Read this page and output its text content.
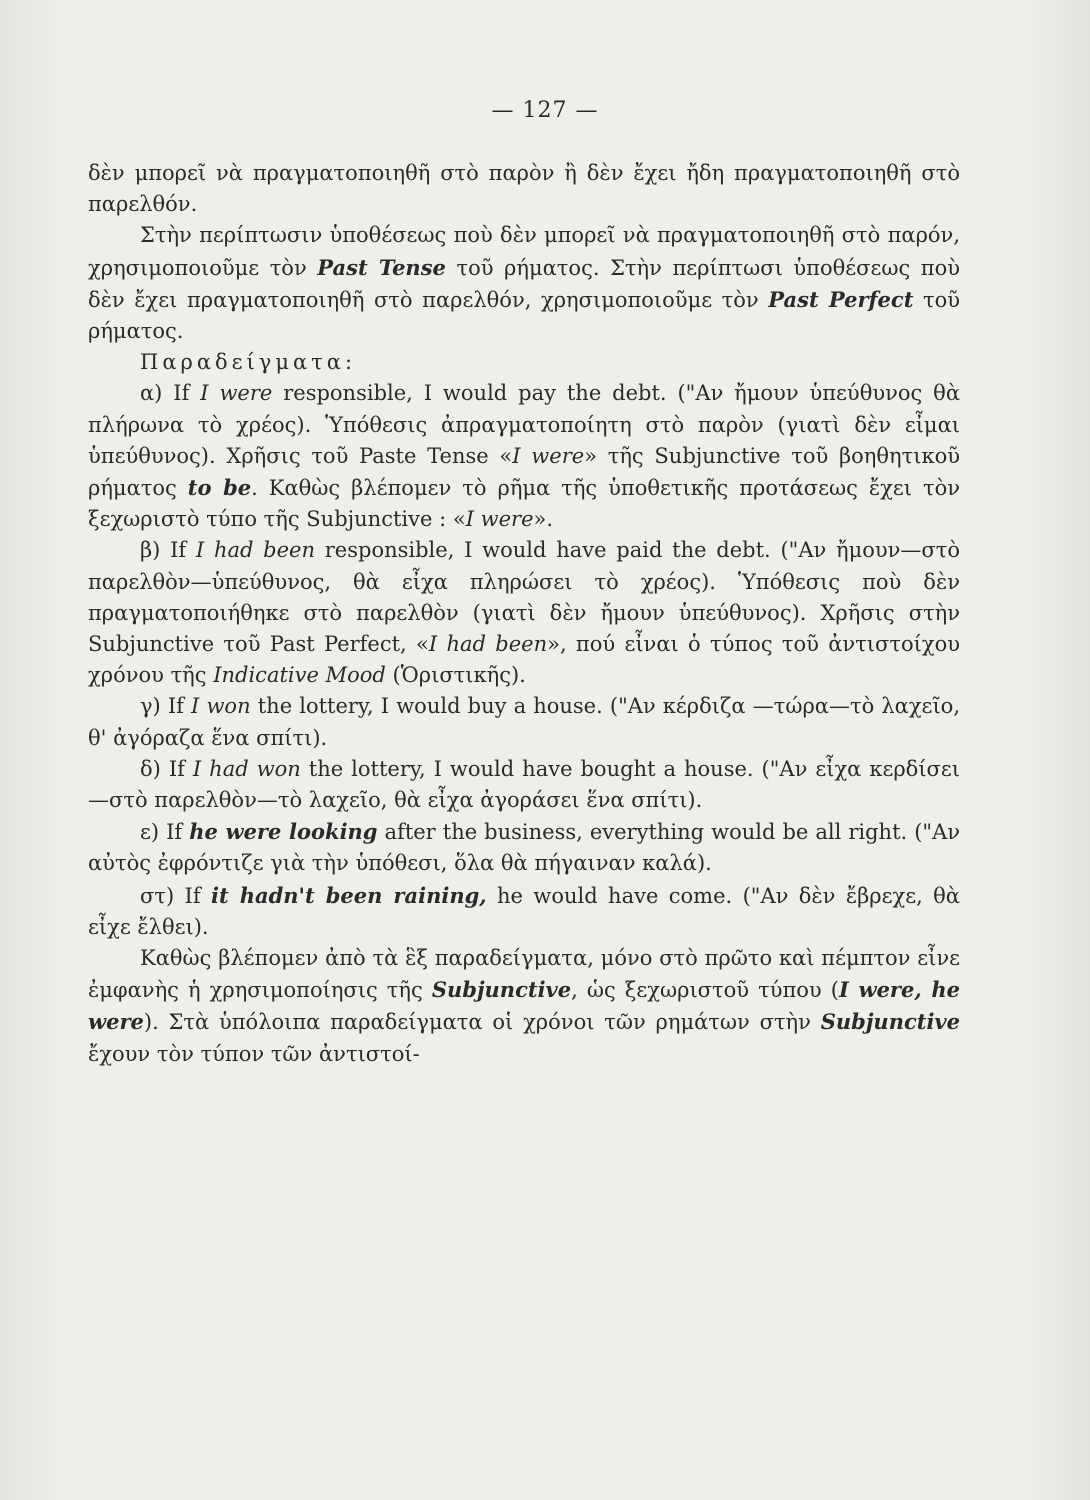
— 127 —

δὲν μπορεῖ νὰ πραγματοποιηθῆ στὸ παρὸν ἢ δὲν ἔχει ἤδη πραγματοποιηθῆ στὸ παρελθόν.

Στὴν περίπτωσιν ὑποθέσεως ποὺ δὲν μπορεῖ νὰ πραγματοποιηθῆ στὸ παρόν, χρησιμοποιοῦμε τὸν Past Tense τοῦ ρήματος. Στὴν περίπτωσι ὑποθέσεως ποὺ δὲν ἔχει πραγματοποιηθῆ στὸ παρελθόν, χρησιμοποιοῦμε τὸν Past Perfect τοῦ ρήματος.

Παραδείγματα:

α) If I were responsible, I would pay the debt. ("Αν ἤμουν ὑπεύθυνος θὰ πλήρωνα τὸ χρέος). Ὑπόθεσις ἀπραγματοποίητη στὸ παρὸν (γιατὶ δὲν εἶμαι ὑπεύθυνος). Χρῆσις τοῦ Paste Tense «I were» τῆς Subjunctive τοῦ βοηθητικοῦ ρήματος to be. Καθὼς βλέπομεν τὸ ρῆμα τῆς ὑποθετικῆς προτάσεως ἔχει τὸν ξεχωριστὸ τύπο τῆς Subjunctive : «I were».

β) If I had been responsible, I would have paid the debt. ("Αν ἤμουν—στὸ παρελθὸν—ὑπεύθυνος, θὰ εἶχα πληρώσει τὸ χρέος). Ὑπόθεσις ποὺ δὲν πραγματοποιήθηκε στὸ παρελθὸν (γιατὶ δὲν ἤμουν ὑπεύθυνος). Χρῆσις στὴν Subjunctive τοῦ Past Perfect, «I had been», πού εἶναι ὁ τύπος τοῦ ἀντιστοίχου χρόνου τῆς Indicative Mood (Ὁριστικῆς).

γ) If I won the lottery, I would buy a house. ("Αν κέρδιζα —τώρα—τὸ λαχεῖο, θ' ἀγόραζα ἕνα σπίτι).

δ) If I had won the lottery, I would have bought a house. ("Αν εἶχα κερδίσει—στὸ παρελθὸν—τὸ λαχεῖο, θὰ εἶχα ἀγοράσει ἕνα σπίτι).

ε) If he were looking after the business, everything would be all right. ("Αν αὐτὸς ἐφρόντιζε γιὰ τὴν ὑπόθεσι, ὅλα θὰ πήγαιναν καλά).

στ) If it hadn't been raining, he would have come. ("Αν δὲν ἔβρεχε, θὰ εἶχε ἔλθει).

Καθὼς βλέπομεν ἀπὸ τὰ ἓξ παραδείγματα, μόνο στὸ πρῶτο καὶ πέμπτον εἶνε ἐμφανὴς ἡ χρησιμοποίησις τῆς Subjunctive, ὡς ξεχωριστοῦ τύπου (I were, he were). Στὰ ὑπόλοιπα παραδείγματα οἱ χρόνοι τῶν ρημάτων στὴν Subjunctive ἔχουν τὸν τύπον τῶν ἀντιστοί-
